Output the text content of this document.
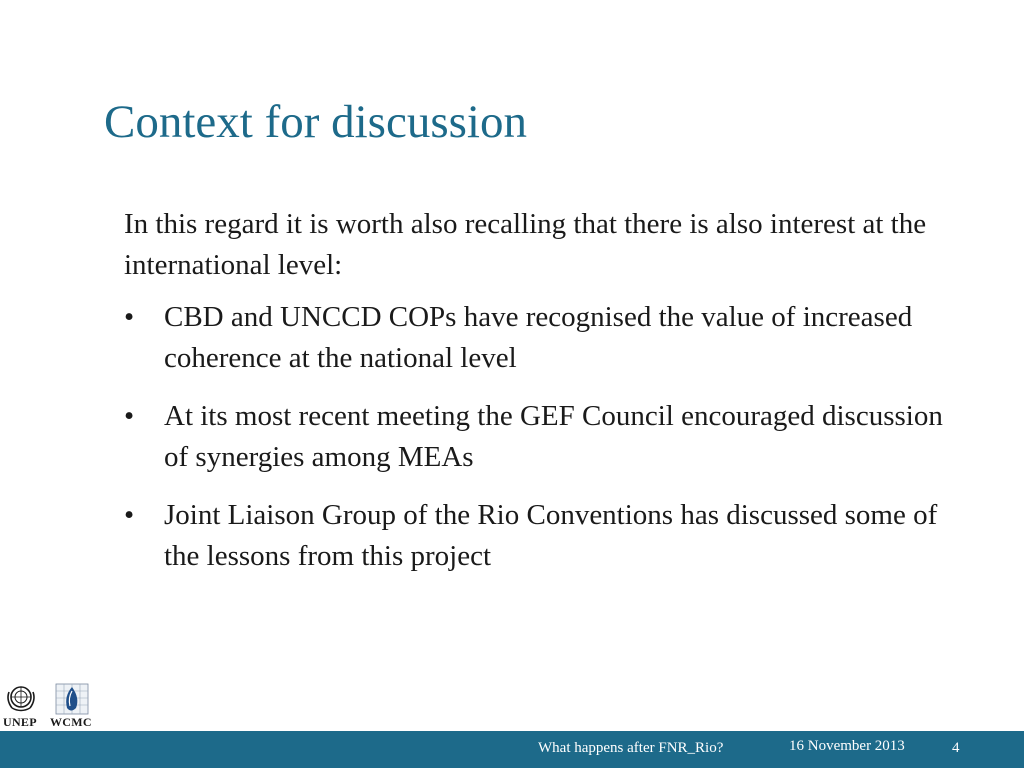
Context for discussion

In this regard it is worth also recalling that there is also interest at the international level:

•	CBD and UNCCD COPs have recognised the value of increased coherence at the national level
•	At its most recent meeting the GEF Council encouraged discussion of synergies among MEAs
•	Joint Liaison Group of the Rio Conventions has discussed some of the lessons from this project
UNEP WCMC
What happens after FNR_Rio?	16 November 2013	4
